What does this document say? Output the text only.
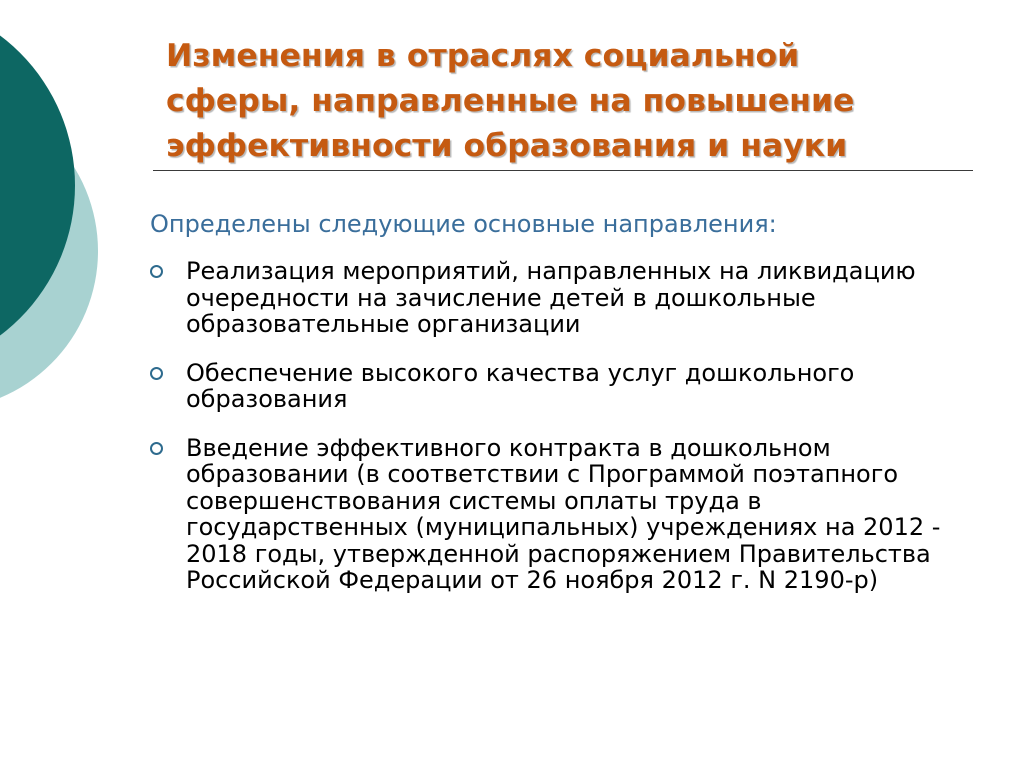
Изменения в отраслях социальной
сферы, направленные на повышение
эффективности образования и науки
Определены следующие основные направления:
Реализация мероприятий, направленных на ликвидацию очередности на зачисление детей в дошкольные образовательные организации
Обеспечение высокого качества услуг дошкольного образования
Введение эффективного контракта в дошкольном образовании (в соответствии с Программой поэтапного совершенствования системы оплаты труда в государственных (муниципальных) учреждениях на 2012 - 2018 годы, утвержденной распоряжением Правительства Российской Федерации от 26 ноября 2012 г. N 2190-р)
